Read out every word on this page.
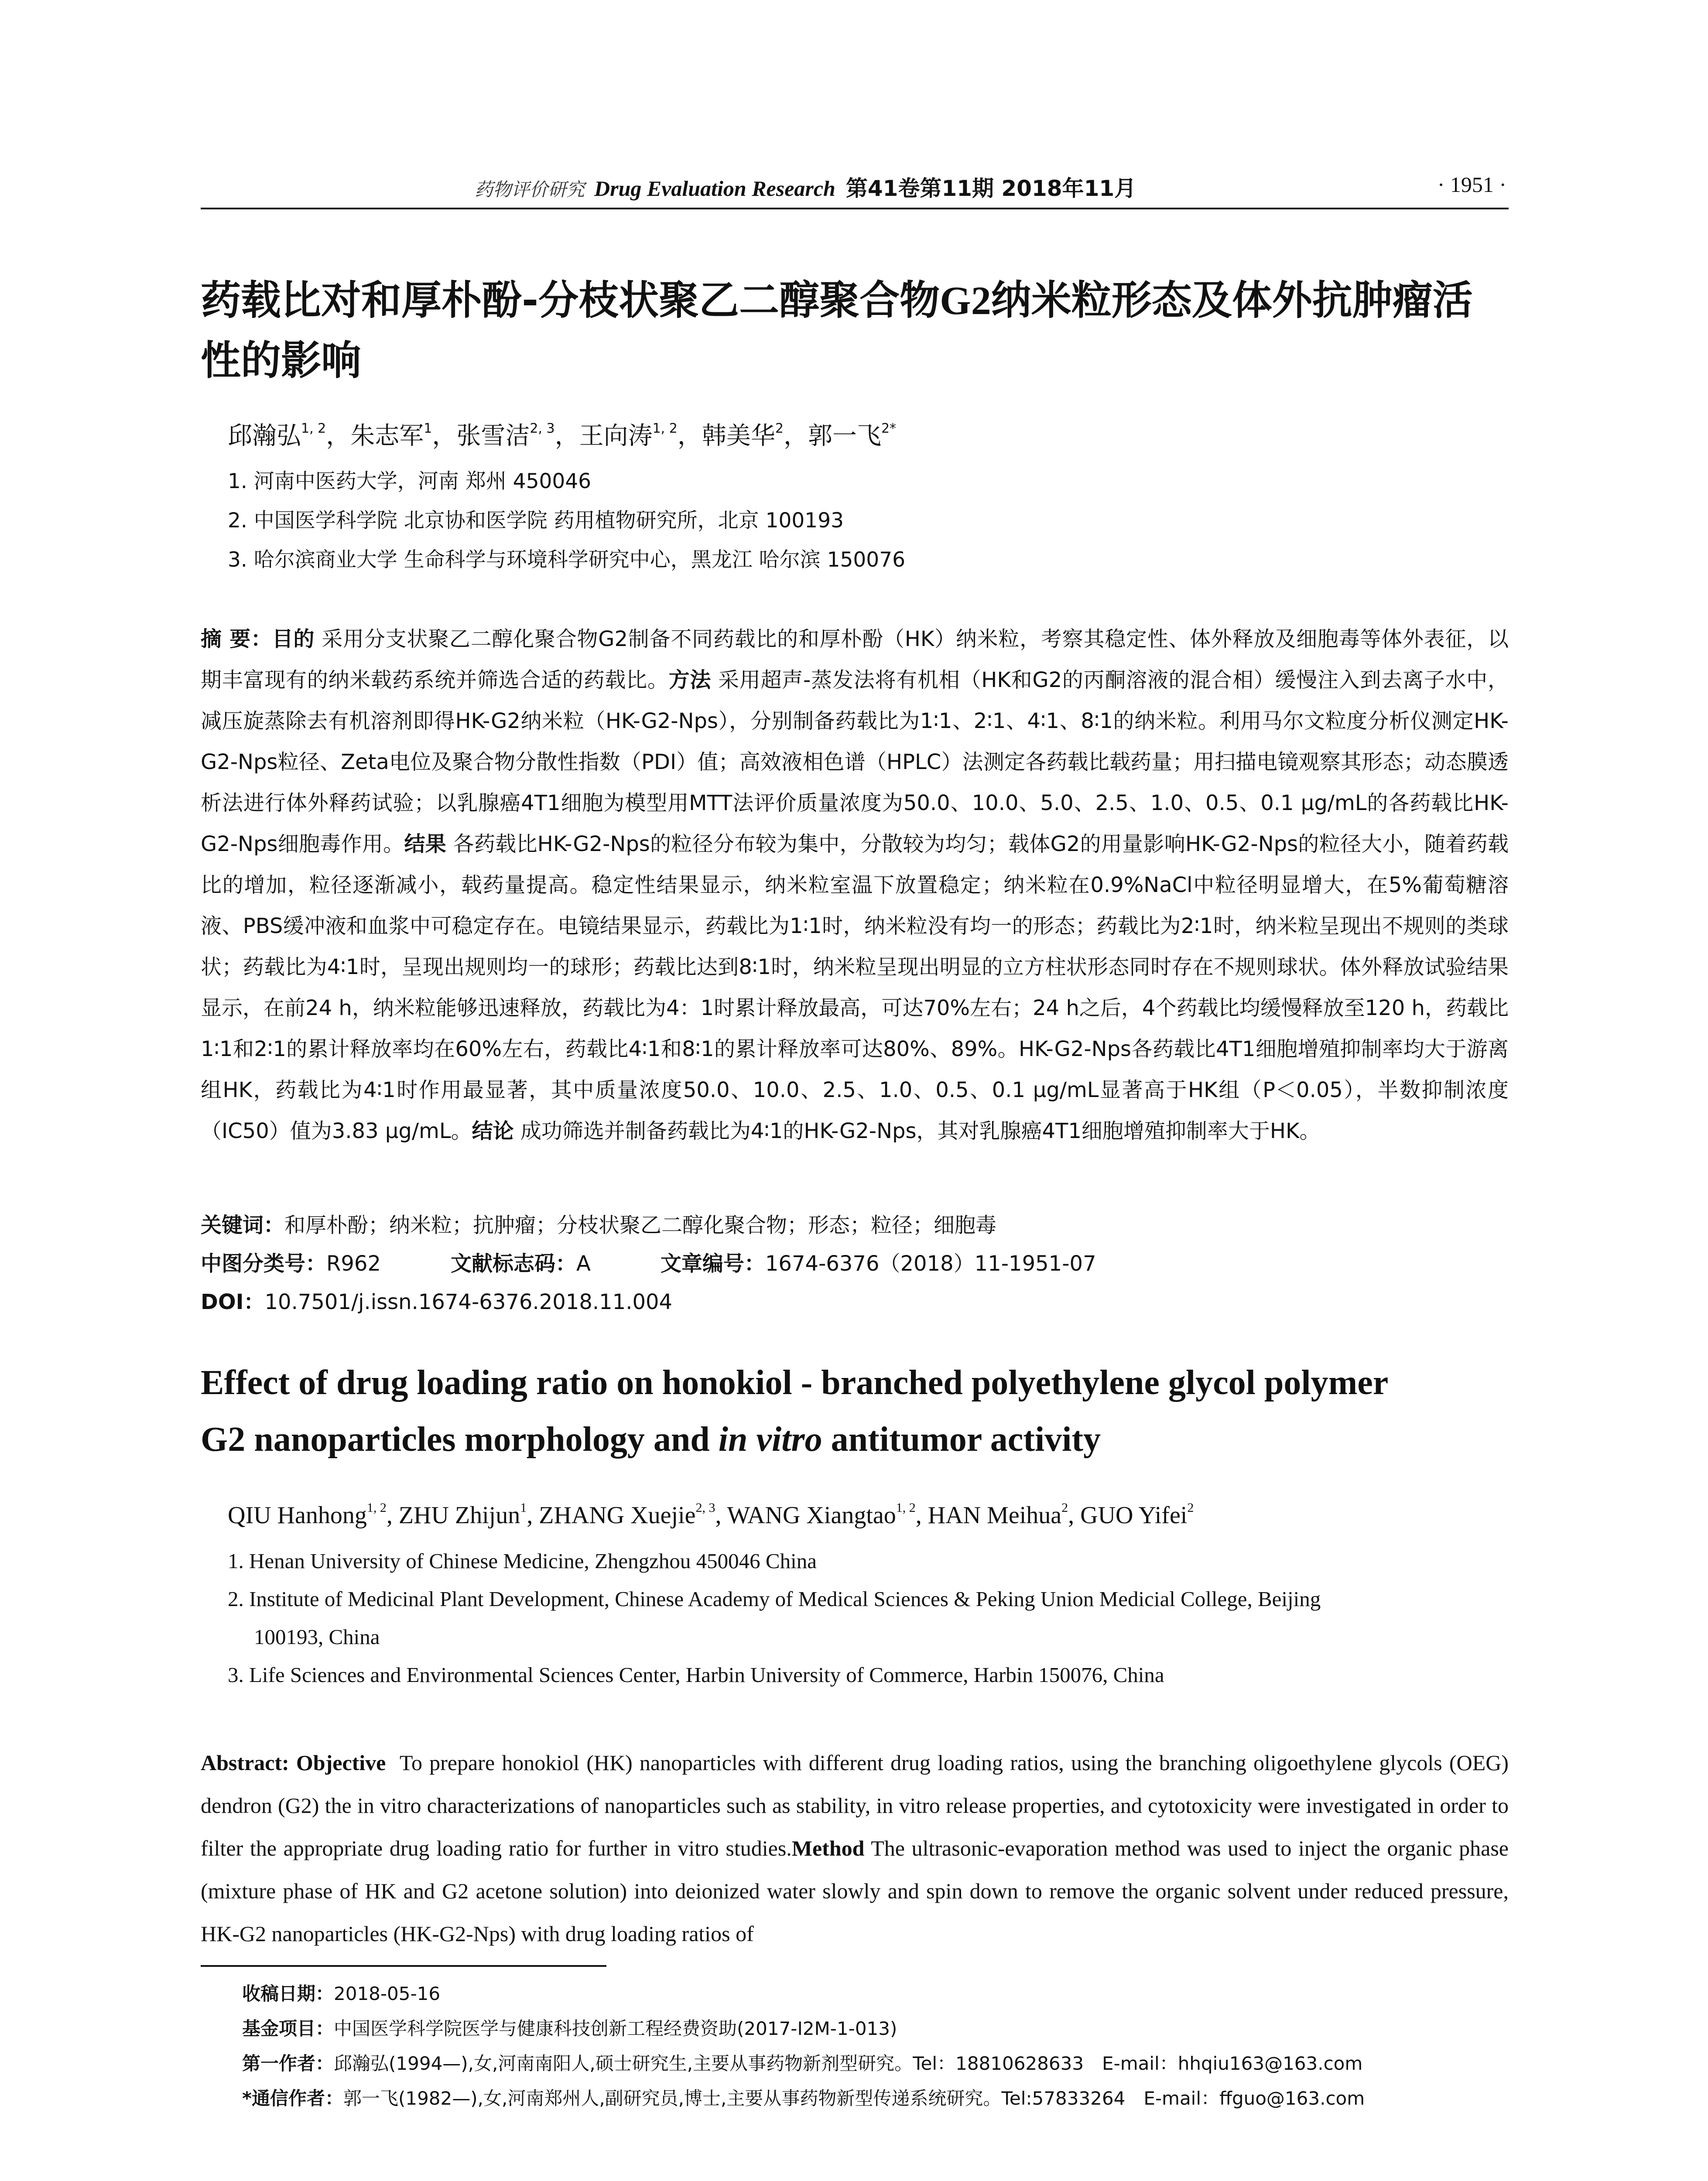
药物评价研究 Drug Evaluation Research 第41卷第11期 2018年11月	· 1951 ·
药载比对和厚朴酚-分枝状聚乙二醇聚合物G2纳米粒形态及体外抗肿瘤活
性的影响
邱瀚弘$^{1, 2}$，朱志军$^1$，张雪洁$^{2, 3}$，王向涛$^{1, 2}$，韩美华$^2$，郭一飞$^{2*}$
1. 河南中医药大学，河南 郑州 450046
2. 中国医学科学院 北京协和医学院 药用植物研究所，北京 100193
3. 哈尔滨商业大学 生命科学与环境科学研究中心，黑龙江 哈尔滨 150076
摘 要：目的 采用分支状聚乙二醇化聚合物G2制备不同药载比的和厚朴酚（HK）纳米粒，考察其稳定性、体外释放及细胞毒等体外表征，以期丰富现有的纳米载药系统并筛选合适的药载比。方法 采用超声-蒸发法将有机相（HK和G2的丙酮溶液的混合相）缓慢注入到去离子水中，减压旋蒸除去有机溶剂即得HK-G2纳米粒（HK-G2-Nps），分别制备药载比为1∶1、2∶1、4∶1、8∶1的纳米粒。利用马尔文粒度分析仪测定HK-G2-Nps粒径、Zeta电位及聚合物分散性指数（PDI）值；高效液相色谱（HPLC）法测定各药载比载药量；用扫描电镜观察其形态；动态膜透析法进行体外释药试验；以乳腺癌4T1细胞为模型用MTT法评价质量浓度为50.0、10.0、5.0、2.5、1.0、0.5、0.1 μg/mL的各药载比HK-G2-Nps细胞毒作用。结果 各药载比HK-G2-Nps的粒径分布较为集中，分散较为均匀；载体G2的用量影响HK-G2-Nps的粒径大小，随着药载比的增加，粒径逐渐减小，载药量提高。稳定性结果显示，纳米粒室温下放置稳定；纳米粒在0.9%NaCl中粒径明显增大，在5%葡萄糖溶液、PBS缓冲液和血浆中可稳定存在。电镜结果显示，药载比为1∶1时，纳米粒没有均一的形态；药载比为2∶1时，纳米粒呈现出不规则的类球状；药载比为4∶1时，呈现出规则均一的球形；药载比达到8∶1时，纳米粒呈现出明显的立方柱状形态同时存在不规则球状。体外释放试验结果显示，在前24 h，纳米粒能够迅速释放，药载比为4：1时累计释放最高，可达70%左右；24 h之后，4个药载比均缓慢释放至120 h，药载比1∶1和2∶1的累计释放率均在60%左右，药载比4∶1和8∶1的累计释放率可达80%、89%。HK-G2-Nps各药载比4T1细胞增殖抑制率均大于游离组HK，药载比为4∶1时作用最显著，其中质量浓度50.0、10.0、2.5、1.0、0.5、0.1 μg/mL显著高于HK组（P＜0.05），半数抑制浓度（IC50）值为3.83 μg/mL。结论 成功筛选并制备药载比为4∶1的HK-G2-Nps，其对乳腺癌4T1细胞增殖抑制率大于HK。
关键词：和厚朴酚；纳米粒；抗肿瘤；分枝状聚乙二醇化聚合物；形态；粒径；细胞毒
中图分类号：R962	文献标志码：A	文章编号：1674-6376（2018）11-1951-07
DOI：10.7501/j.issn.1674-6376.2018.11.004
Effect of drug loading ratio on honokiol - branched polyethylene glycol polymer
G2 nanoparticles morphology and in vitro antitumor activity
QIU Hanhong$^{1, 2}$, ZHU Zhijun$^1$, ZHANG Xuejie$^{2, 3}$, WANG Xiangtao$^{1, 2}$, HAN Meihua$^2$, GUO Yifei$^2$
1. Henan University of Chinese Medicine, Zhengzhou 450046 China
2. Institute of Medicinal Plant Development, Chinese Academy of Medical Sciences & Peking Union Medicial College, Beijing
100193, China
3. Life Sciences and Environmental Sciences Center, Harbin University of Commerce, Harbin 150076, China
Abstract: Objective To prepare honokiol (HK) nanoparticles with different drug loading ratios, using the branching oligoethylene glycols (OEG) dendron (G2) the in vitro characterizations of nanoparticles such as stability, in vitro release properties, and cytotoxicity were investigated in order to filter the appropriate drug loading ratio for further in vitro studies.Method The ultrasonic-evaporation method was used to inject the organic phase (mixture phase of HK and G2 acetone solution) into deionized water slowly and spin down to remove the organic solvent under reduced pressure, HK-G2 nanoparticles (HK-G2-Nps) with drug loading ratios of
收稿日期：2018-05-16
基金项目：中国医学科学院医学与健康科技创新工程经费资助(2017-I2M-1-013)
第一作者：邱瀚弘(1994—),女,河南南阳人,硕士研究生,主要从事药物新剂型研究。Tel：18810628633　E-mail：hhqiu163@163.com
*通信作者：郭一飞(1982—),女,河南郑州人,副研究员,博士,主要从事药物新型传递系统研究。Tel:57833264　E-mail：ffguo@163.com
